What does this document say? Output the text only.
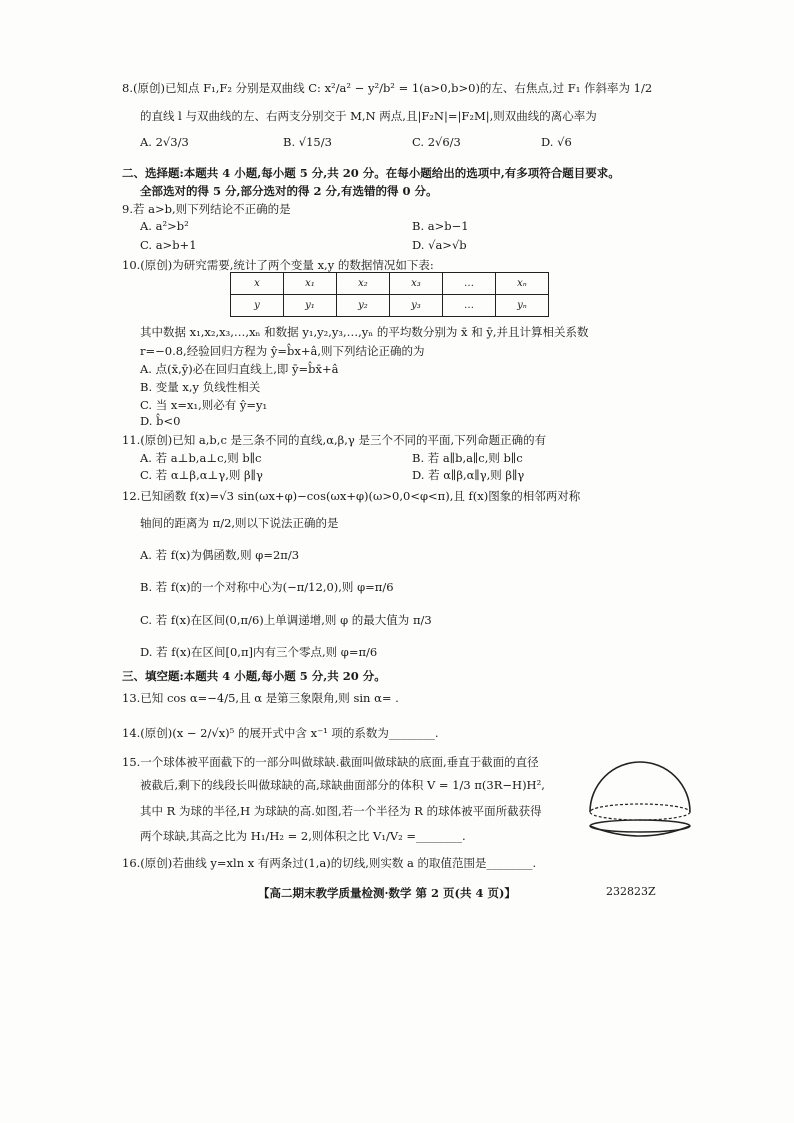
8.(原创)已知点 F₁,F₂ 分别是双曲线 C: x²/a² − y²/b² = 1(a>0,b>0)的左、右焦点,过 F₁ 作斜率为 1/2
的直线 l 与双曲线的左、右两支分别交于 M,N 两点,且|F₂N|=|F₂M|,则双曲线的离心率为
A. 2√3/3	B. √15/3	C. 2√6/3	D. √6
二、选择题:本题共 4 小题,每小题 5 分,共 20 分。在每小题给出的选项中,有多项符合题目要求。
全部选对的得 5 分,部分选对的得 2 分,有选错的得 0 分。
9.若 a>b,则下列结论不正确的是
A. a²>b²	B. a>b−1
C. a>b+1	D. √a>√b
10.(原创)为研究需要,统计了两个变量 x,y 的数据情况如下表:
x	x₁	x₂	x₃	…	xₙ
y	y₁	y₂	y₃	…	yₙ
其中数据 x₁,x₂,x₃,…,xₙ 和数据 y₁,y₂,y₃,…,yₙ 的平均数分别为 x̄ 和 ȳ,并且计算相关系数
r=−0.8,经验回归方程为 ŷ=b̂x+â,则下列结论正确的为
A. 点(x̄,ȳ)必在回归直线上,即 ȳ=b̂x̄+â
B. 变量 x,y 负线性相关
C. 当 x=x₁,则必有 ŷ=y₁
D. b̂<0
11.(原创)已知 a,b,c 是三条不同的直线,α,β,γ 是三个不同的平面,下列命题正确的有
A. 若 a⊥b,a⊥c,则 b∥c	B. 若 a∥b,a∥c,则 b∥c
C. 若 α⊥β,α⊥γ,则 β∥γ	D. 若 α∥β,α∥γ,则 β∥γ
12.已知函数 f(x)=√3 sin(ωx+φ)−cos(ωx+φ)(ω>0,0<φ<π),且 f(x)图象的相邻两对称
轴间的距离为 π/2,则以下说法正确的是
A. 若 f(x)为偶函数,则 φ=2π/3
B. 若 f(x)的一个对称中心为(−π/12,0),则 φ=π/6
C. 若 f(x)在区间(0,π/6)上单调递增,则 φ 的最大值为 π/3
D. 若 f(x)在区间[0,π]内有三个零点,则 φ=π/6
三、填空题:本题共 4 小题,每小题 5 分,共 20 分。
13.已知 cos α=−4/5,且 α 是第三象限角,则 sin α= .
14.(原创)(x − 2/√x)⁵ 的展开式中含 x⁻¹ 项的系数为________.
15.一个球体被平面截下的一部分叫做球缺.截面叫做球缺的底面,垂直于截面的直径
被截后,剩下的线段长叫做球缺的高,球缺曲面部分的体积 V = 1/3 π(3R−H)H²,
其中 R 为球的半径,H 为球缺的高.如图,若一个半径为 R 的球体被平面所截获得
两个球缺,其高之比为 H₁/H₂ = 2,则体积之比 V₁/V₂ =________.
16.(原创)若曲线 y=xln x 有两条过(1,a)的切线,则实数 a 的取值范围是________.
【高二期末教学质量检测·数学 第 2 页(共 4 页)】	232823Z
